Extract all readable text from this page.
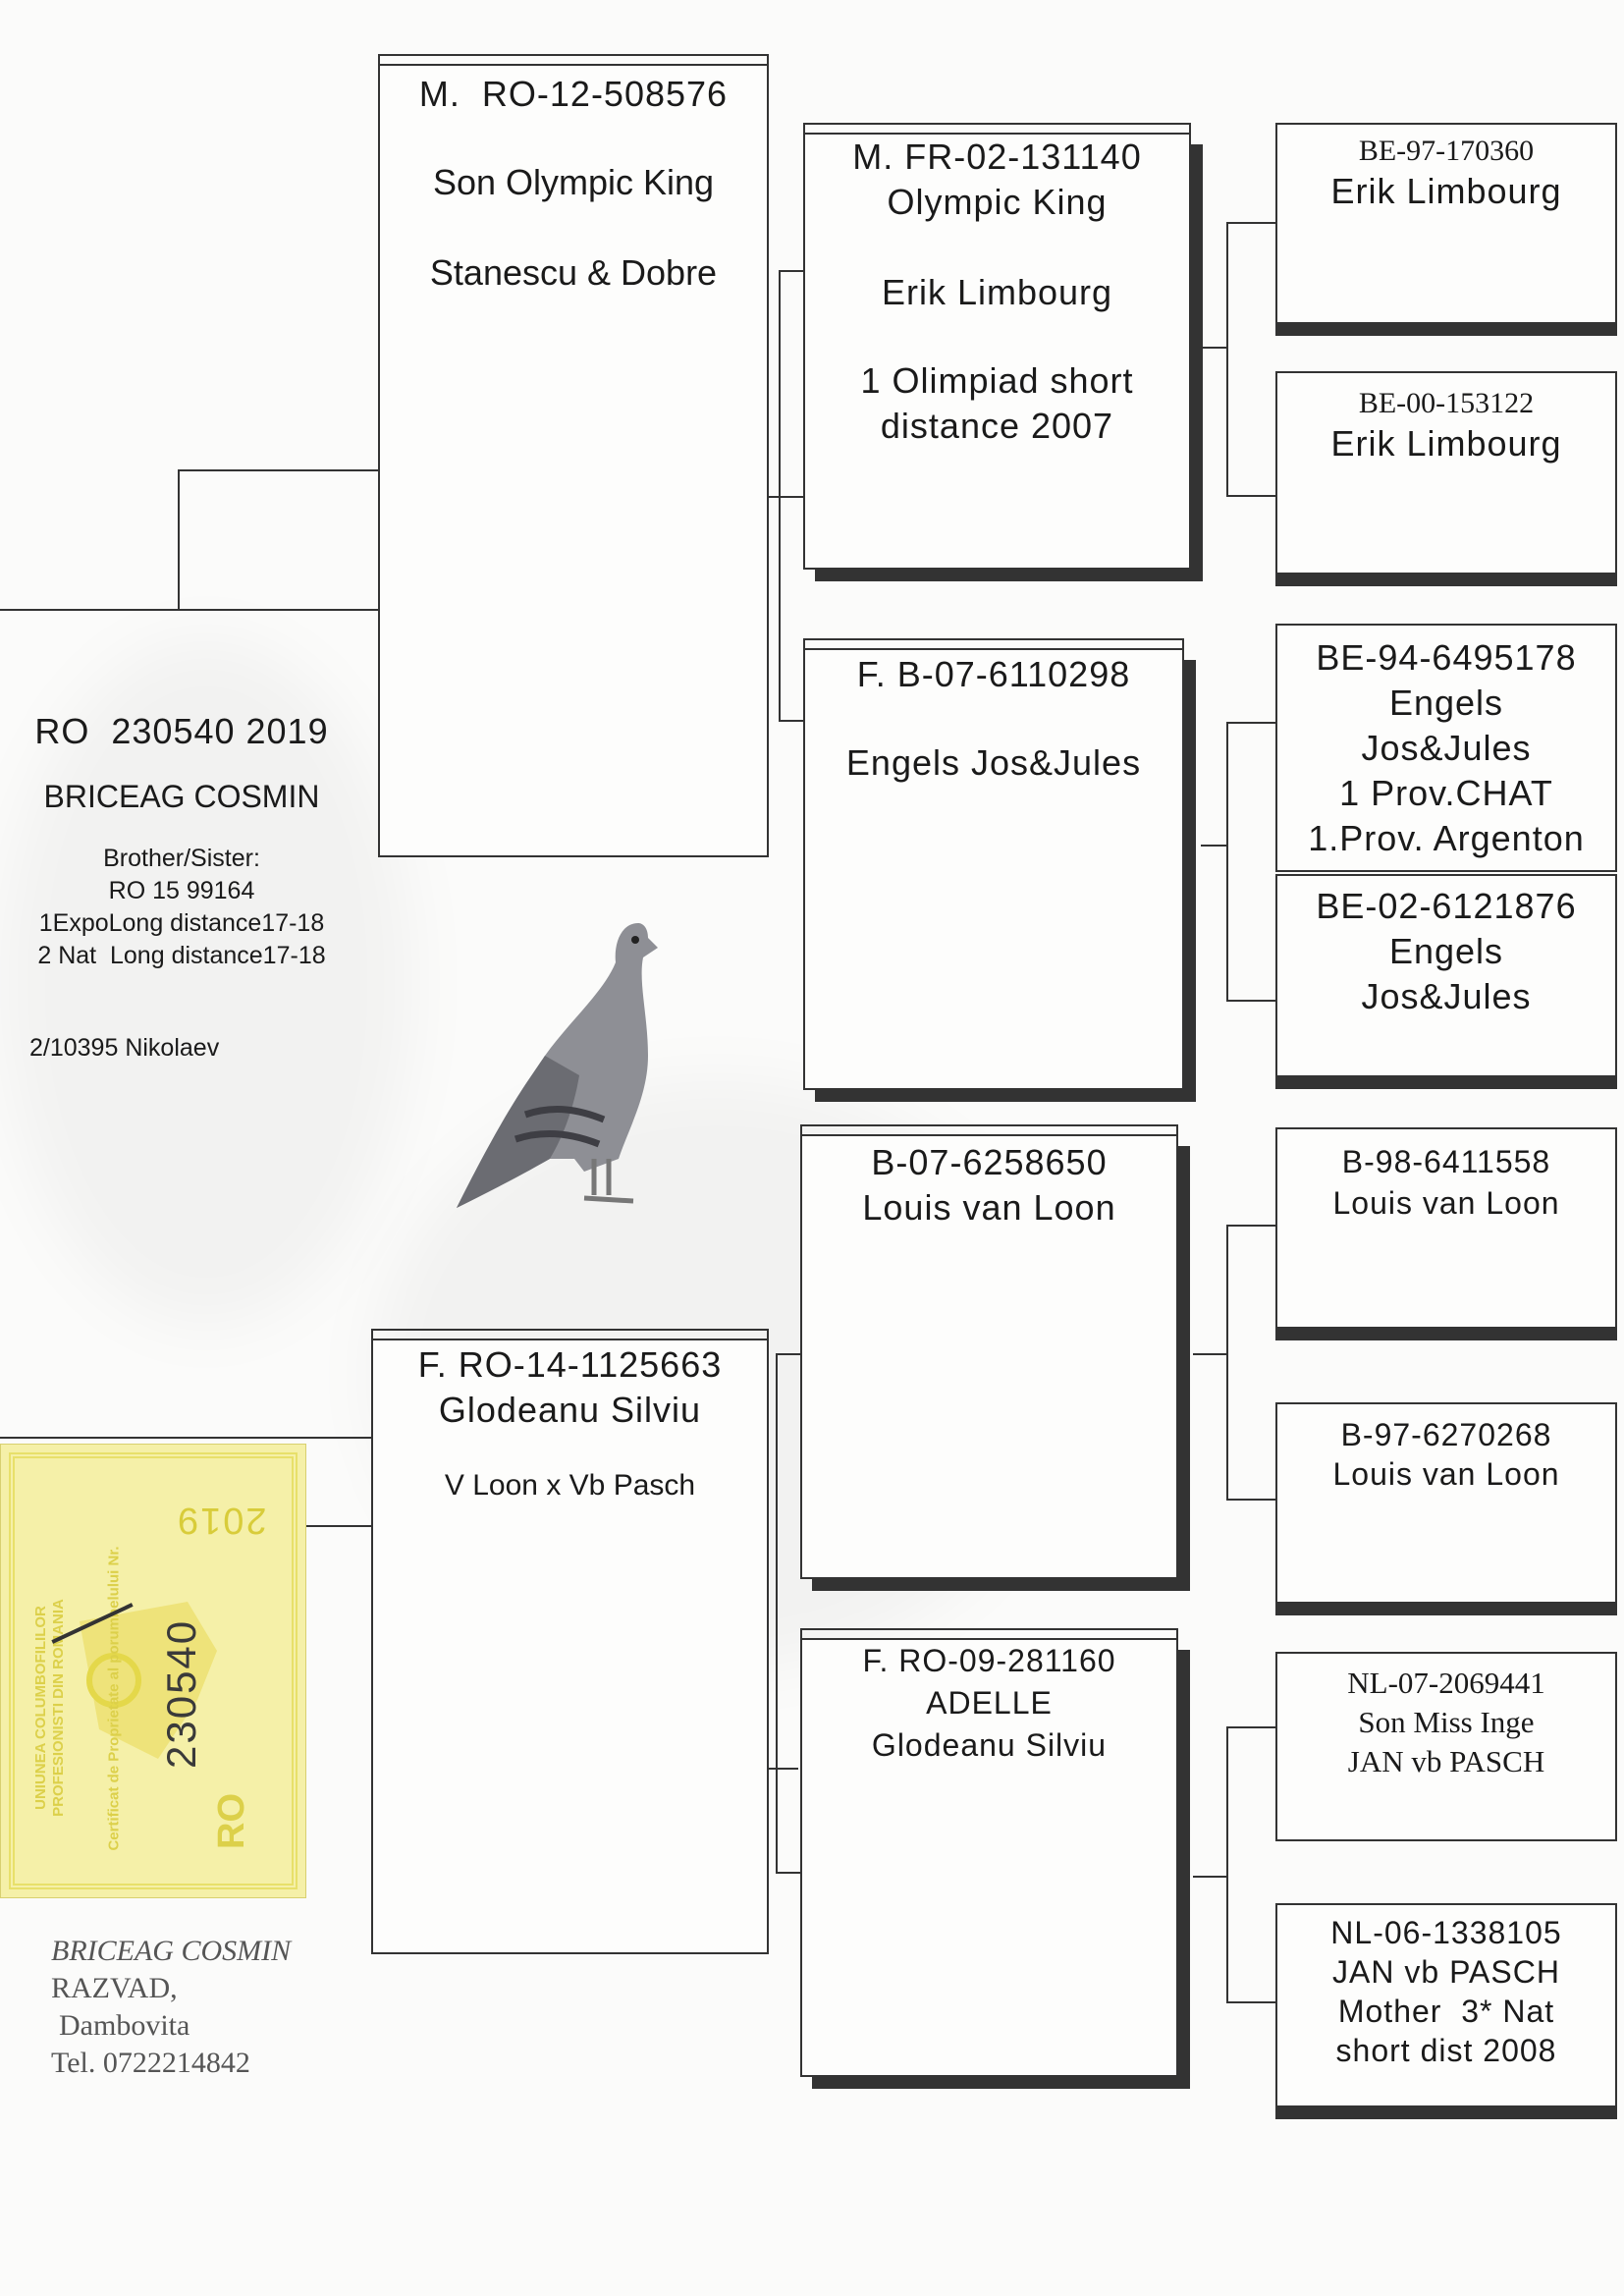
RO  230540 2019
BRICEAG COSMIN
Brother/Sister:
RO 15 99164
1ExpoLong distance17-18
2 Nat  Long distance17-18
2/10395 Nikolaev
M.  RO-12-508576
Son Olympic King
Stanescu & Dobre
F. RO-14-1125663
Glodeanu Silviu
V Loon x Vb Pasch
M. FR-02-131140
Olympic King
Erik Limbourg
1 Olimpiad short
distance 2007
F. B-07-6110298
Engels Jos&Jules
B-07-6258650
Louis van Loon
F. RO-09-281160
ADELLE
Glodeanu Silviu
BE-97-170360
Erik Limbourg
BE-00-153122
Erik Limbourg
BE-94-6495178
Engels
Jos&Jules
1 Prov.CHAT
1.Prov. Argenton
BE-02-6121876
Engels
Jos&Jules
B-98-6411558
Louis van Loon
B-97-6270268
Louis van Loon
NL-07-2069441
Son Miss Inge
JAN vb PASCH
NL-06-1338105
JAN vb PASCH
Mother  3* Nat
short dist 2008
2019
UNIUNEA COLUMBOFILILOR PROFESIONISTI DIN ROMANIA	Certificat de Proprietate al porumbelului Nr. 230540
RO
BRICEAG COSMIN
RAZVAD,
Dambovita
Tel. 0722214842
